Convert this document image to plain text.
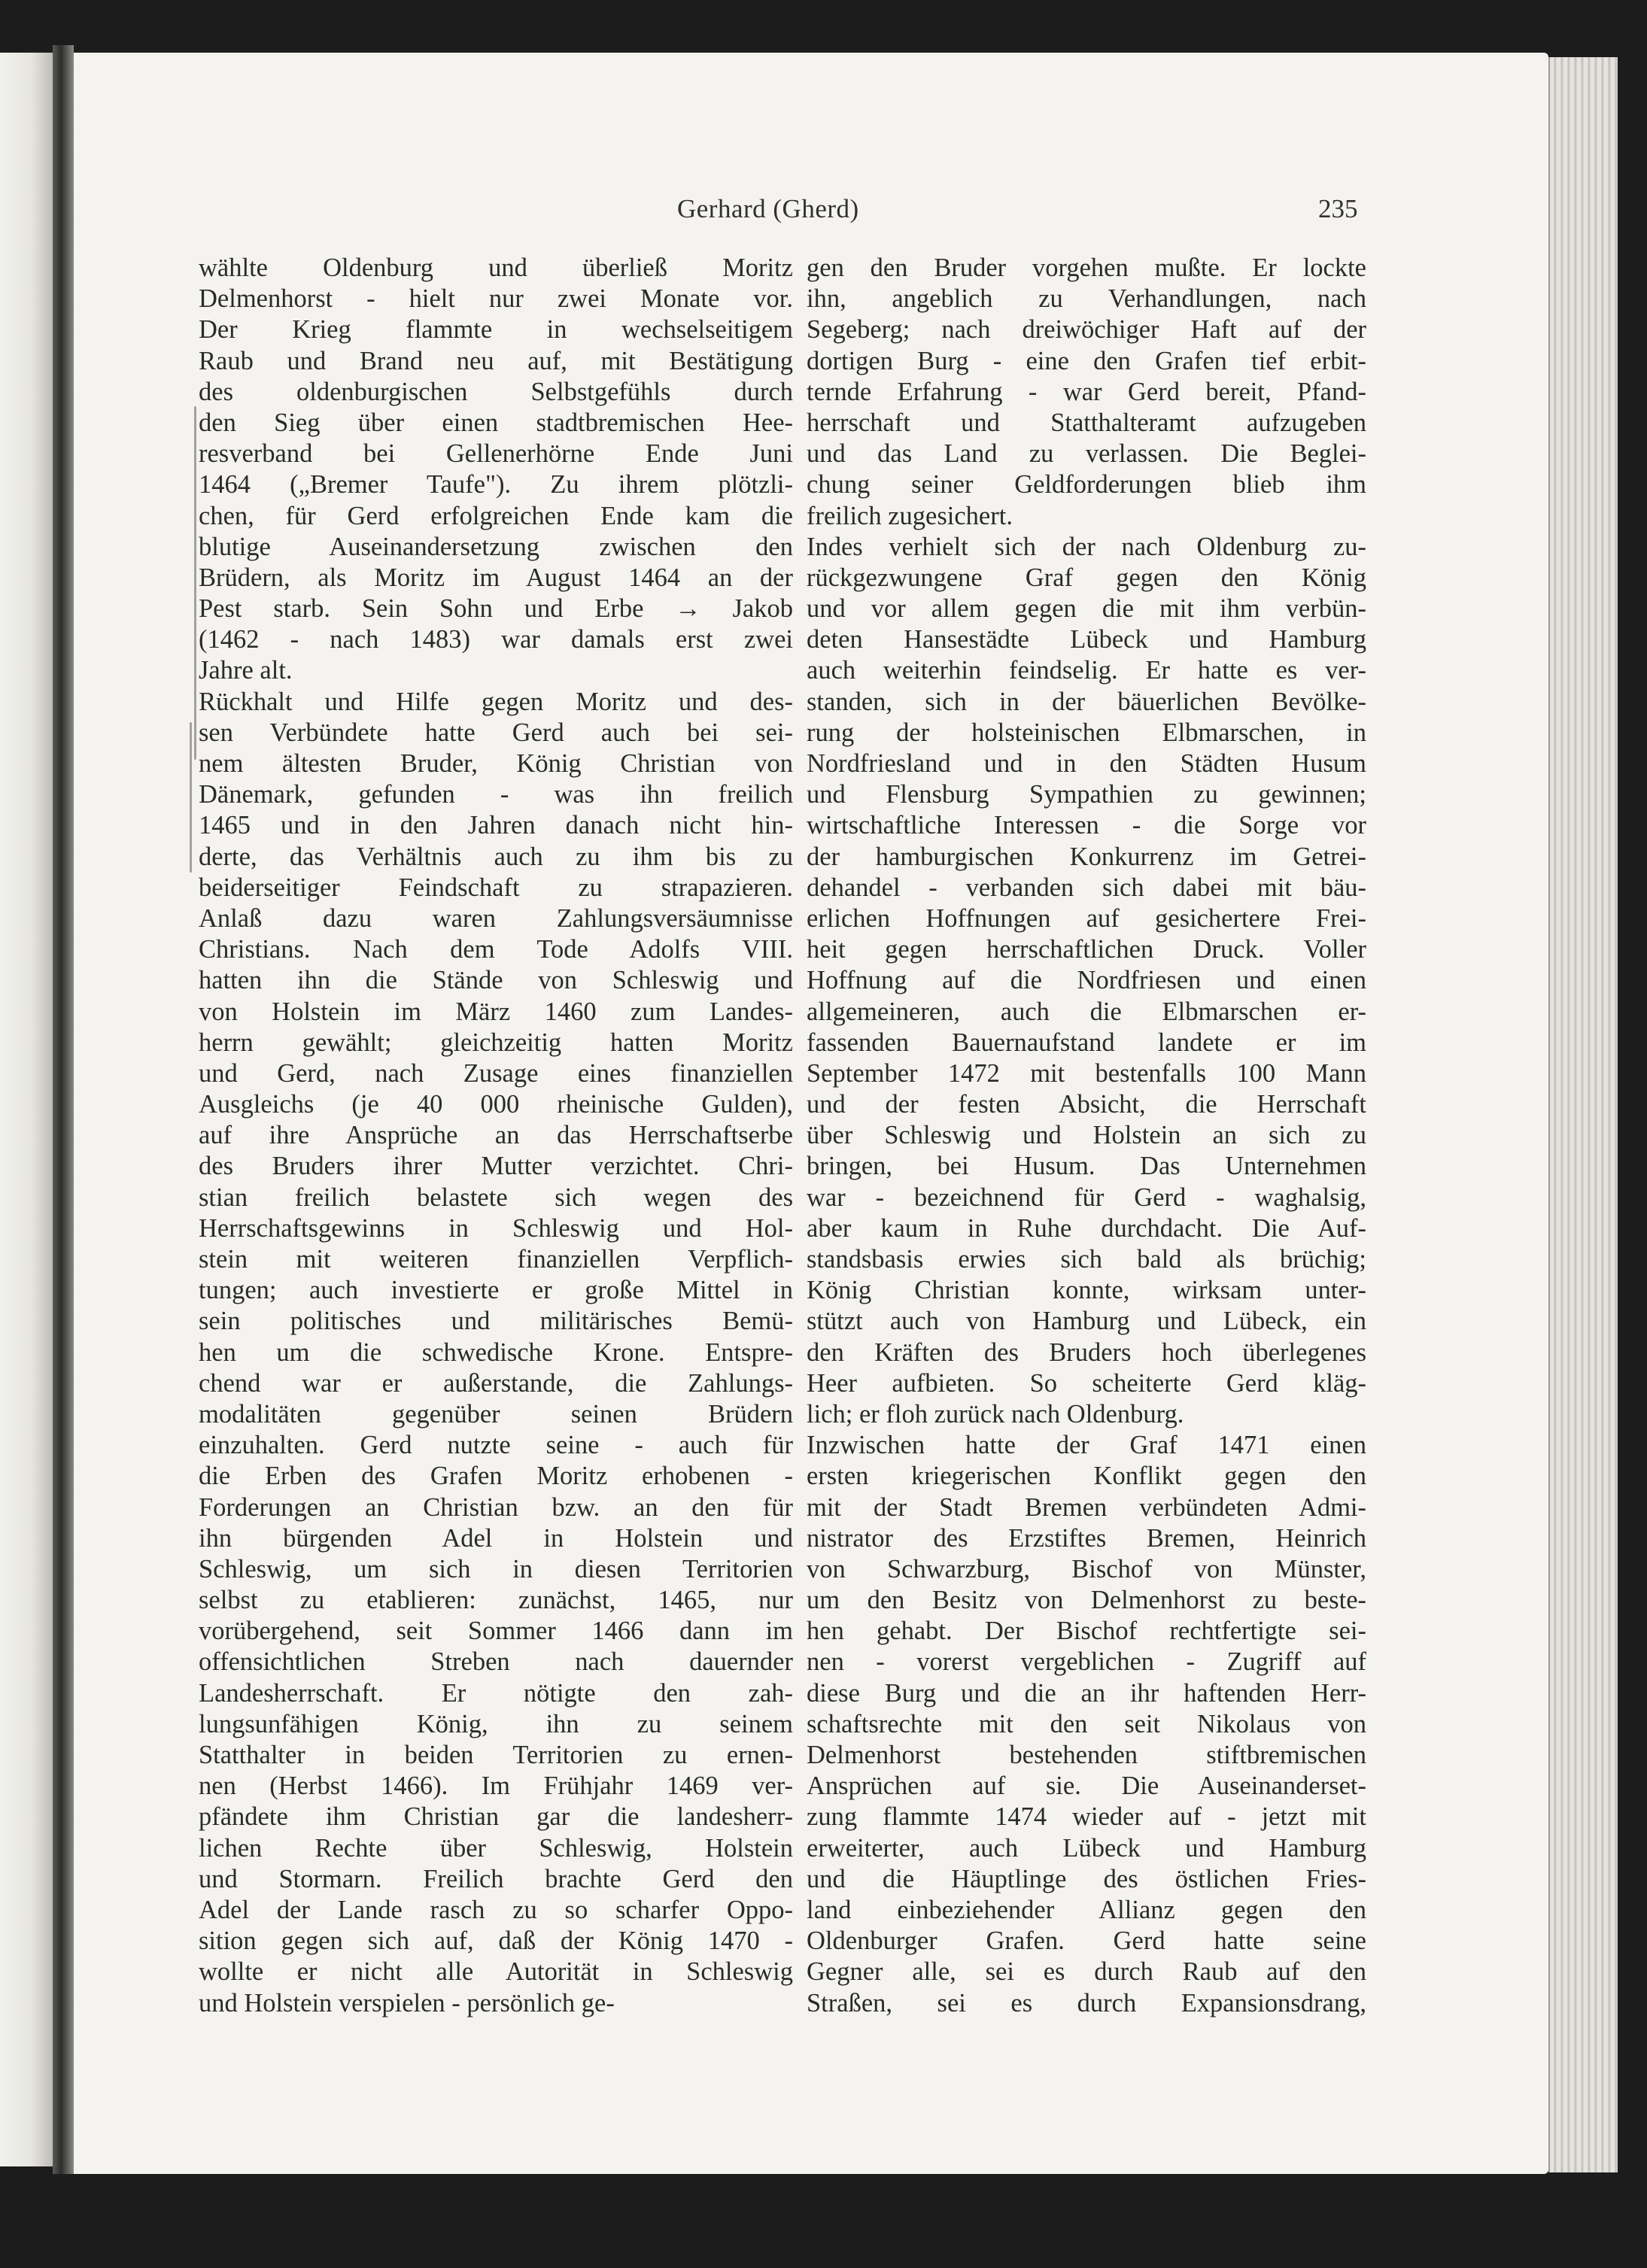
Gerhard (Gherd)	235
wählte Oldenburg und überließ Moritz
Delmenhorst - hielt nur zwei Monate vor.
Der Krieg flammte in wechselseitigem
Raub und Brand neu auf, mit Bestätigung
des oldenburgischen Selbstgefühls durch
den Sieg über einen stadtbremischen Hee-
resverband bei Gellenerhörne Ende Juni
1464 („Bremer Taufe"). Zu ihrem plötzli-
chen, für Gerd erfolgreichen Ende kam die
blutige Auseinandersetzung zwischen den
Brüdern, als Moritz im August 1464 an der
Pest starb. Sein Sohn und Erbe → Jakob
(1462 - nach 1483) war damals erst zwei
Jahre alt.
Rückhalt und Hilfe gegen Moritz und des-
sen Verbündete hatte Gerd auch bei sei-
nem ältesten Bruder, König Christian von
Dänemark, gefunden - was ihn freilich
1465 und in den Jahren danach nicht hin-
derte, das Verhältnis auch zu ihm bis zu
beiderseitiger Feindschaft zu strapazieren.
Anlaß dazu waren Zahlungsversäumnisse
Christians. Nach dem Tode Adolfs VIII.
hatten ihn die Stände von Schleswig und
von Holstein im März 1460 zum Landes-
herrn gewählt; gleichzeitig hatten Moritz
und Gerd, nach Zusage eines finanziellen
Ausgleichs (je 40 000 rheinische Gulden),
auf ihre Ansprüche an das Herrschaftserbe
des Bruders ihrer Mutter verzichtet. Chri-
stian freilich belastete sich wegen des
Herrschaftsgewinns in Schleswig und Hol-
stein mit weiteren finanziellen Verpflich-
tungen; auch investierte er große Mittel in
sein politisches und militärisches Bemü-
hen um die schwedische Krone. Entspre-
chend war er außerstande, die Zahlungs-
modalitäten gegenüber seinen Brüdern
einzuhalten. Gerd nutzte seine - auch für
die Erben des Grafen Moritz erhobenen -
Forderungen an Christian bzw. an den für
ihn bürgenden Adel in Holstein und
Schleswig, um sich in diesen Territorien
selbst zu etablieren: zunächst, 1465, nur
vorübergehend, seit Sommer 1466 dann im
offensichtlichen Streben nach dauernder
Landesherrschaft. Er nötigte den zah-
lungsunfähigen König, ihn zu seinem
Statthalter in beiden Territorien zu ernen-
nen (Herbst 1466). Im Frühjahr 1469 ver-
pfändete ihm Christian gar die landesherr-
lichen Rechte über Schleswig, Holstein
und Stormarn. Freilich brachte Gerd den
Adel der Lande rasch zu so scharfer Oppo-
sition gegen sich auf, daß der König 1470 -
wollte er nicht alle Autorität in Schleswig
und Holstein verspielen - persönlich ge-
gen den Bruder vorgehen mußte. Er lockte
ihn, angeblich zu Verhandlungen, nach
Segeberg; nach dreiwöchiger Haft auf der
dortigen Burg - eine den Grafen tief erbit-
ternde Erfahrung - war Gerd bereit, Pfand-
herrschaft und Statthalteramt aufzugeben
und das Land zu verlassen. Die Beglei-
chung seiner Geldforderungen blieb ihm
freilich zugesichert.
Indes verhielt sich der nach Oldenburg zu-
rückgezwungene Graf gegen den König
und vor allem gegen die mit ihm verbün-
deten Hansestädte Lübeck und Hamburg
auch weiterhin feindselig. Er hatte es ver-
standen, sich in der bäuerlichen Bevölke-
rung der holsteinischen Elbmarschen, in
Nordfriesland und in den Städten Husum
und Flensburg Sympathien zu gewinnen;
wirtschaftliche Interessen - die Sorge vor
der hamburgischen Konkurrenz im Getrei-
dehandel - verbanden sich dabei mit bäu-
erlichen Hoffnungen auf gesichertere Frei-
heit gegen herrschaftlichen Druck. Voller
Hoffnung auf die Nordfriesen und einen
allgemeineren, auch die Elbmarschen er-
fassenden Bauernaufstand landete er im
September 1472 mit bestenfalls 100 Mann
und der festen Absicht, die Herrschaft
über Schleswig und Holstein an sich zu
bringen, bei Husum. Das Unternehmen
war - bezeichnend für Gerd - waghalsig,
aber kaum in Ruhe durchdacht. Die Auf-
standsbasis erwies sich bald als brüchig;
König Christian konnte, wirksam unter-
stützt auch von Hamburg und Lübeck, ein
den Kräften des Bruders hoch überlegenes
Heer aufbieten. So scheiterte Gerd kläg-
lich; er floh zurück nach Oldenburg.
Inzwischen hatte der Graf 1471 einen
ersten kriegerischen Konflikt gegen den
mit der Stadt Bremen verbündeten Admi-
nistrator des Erzstiftes Bremen, Heinrich
von Schwarzburg, Bischof von Münster,
um den Besitz von Delmenhorst zu beste-
hen gehabt. Der Bischof rechtfertigte sei-
nen - vorerst vergeblichen - Zugriff auf
diese Burg und die an ihr haftenden Herr-
schaftsrechte mit den seit Nikolaus von
Delmenhorst bestehenden stiftbremischen
Ansprüchen auf sie. Die Auseinanderset-
zung flammte 1474 wieder auf - jetzt mit
erweiterter, auch Lübeck und Hamburg
und die Häuptlinge des östlichen Fries-
land einbeziehender Allianz gegen den
Oldenburger Grafen. Gerd hatte seine
Gegner alle, sei es durch Raub auf den
Straßen, sei es durch Expansionsdrang,
